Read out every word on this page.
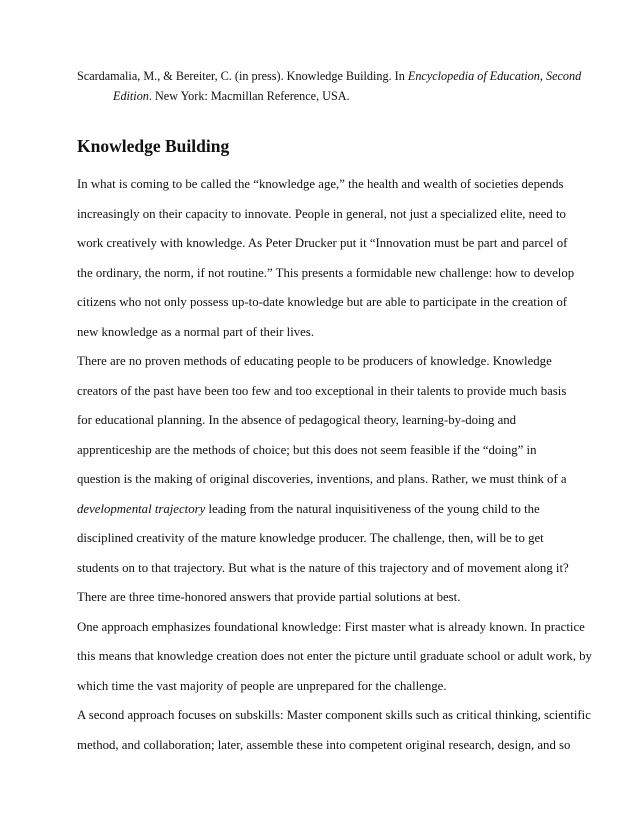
Scardamalia, M., & Bereiter, C. (in press). Knowledge Building. In Encyclopedia of Education, Second Edition. New York: Macmillan Reference, USA.

Knowledge Building

In what is coming to be called the “knowledge age,” the health and wealth of societies depends

increasingly on their capacity to innovate. People in general, not just a specialized elite, need to

work creatively with knowledge. As Peter Drucker put it “Innovation must be part and parcel of

the ordinary, the norm, if not routine.” This presents a formidable new challenge: how to develop

citizens who not only possess up-to-date knowledge but are able to participate in the creation of

new knowledge as a normal part of their lives.

There are no proven methods of educating people to be producers of knowledge. Knowledge

creators of the past have been too few and too exceptional in their talents to provide much basis

for educational planning. In the absence of pedagogical theory, learning-by-doing and

apprenticeship are the methods of choice; but this does not seem feasible if the “doing” in

question is the making of original discoveries, inventions, and plans. Rather, we must think of a

developmental trajectory leading from the natural inquisitiveness of the young child to the

disciplined creativity of the mature knowledge producer. The challenge, then, will be to get

students on to that trajectory. But what is the nature of this trajectory and of movement along it?

There are three time-honored answers that provide partial solutions at best.

One approach emphasizes foundational knowledge: First master what is already known. In practice

this means that knowledge creation does not enter the picture until graduate school or adult work, by

which time the vast majority of people are unprepared for the challenge.

A second approach focuses on subskills: Master component skills such as critical thinking, scientific

method, and collaboration; later, assemble these into competent original research, design, and so
